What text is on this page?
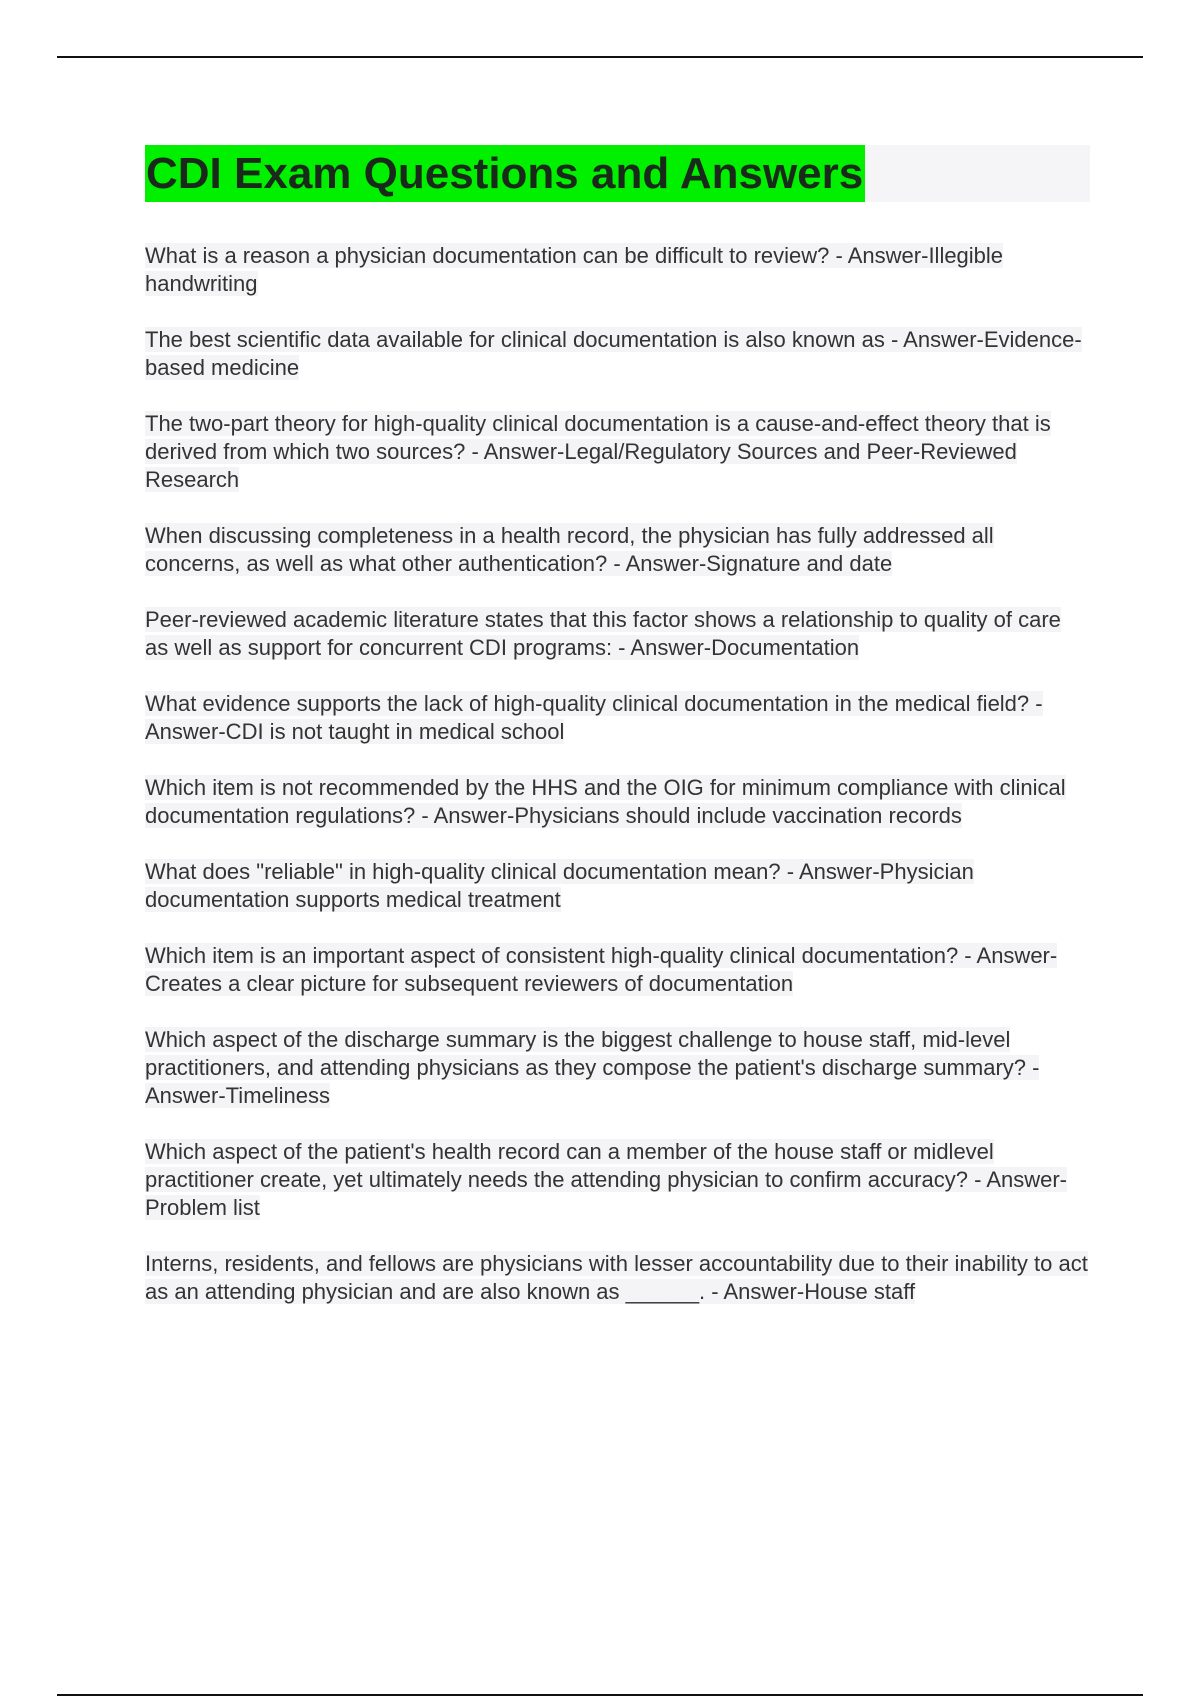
CDI Exam Questions and Answers

What is a reason a physician documentation can be difficult to review? - Answer-Illegible handwriting

The best scientific data available for clinical documentation is also known as - Answer-Evidence-based medicine

The two-part theory for high-quality clinical documentation is a cause-and-effect theory that is derived from which two sources? - Answer-Legal/Regulatory Sources and Peer-Reviewed Research

When discussing completeness in a health record, the physician has fully addressed all concerns, as well as what other authentication? - Answer-Signature and date

Peer-reviewed academic literature states that this factor shows a relationship to quality of care as well as support for concurrent CDI programs: - Answer-Documentation

What evidence supports the lack of high-quality clinical documentation in the medical field? - Answer-CDI is not taught in medical school

Which item is not recommended by the HHS and the OIG for minimum compliance with clinical documentation regulations? - Answer-Physicians should include vaccination records

What does "reliable" in high-quality clinical documentation mean? - Answer-Physician documentation supports medical treatment

Which item is an important aspect of consistent high-quality clinical documentation? - Answer-Creates a clear picture for subsequent reviewers of documentation

Which aspect of the discharge summary is the biggest challenge to house staff, mid-level practitioners, and attending physicians as they compose the patient's discharge summary? - Answer-Timeliness

Which aspect of the patient's health record can a member of the house staff or midlevel practitioner create, yet ultimately needs the attending physician to confirm accuracy? - Answer-Problem list

Interns, residents, and fellows are physicians with lesser accountability due to their inability to act as an attending physician and are also known as ______. - Answer-House staff
